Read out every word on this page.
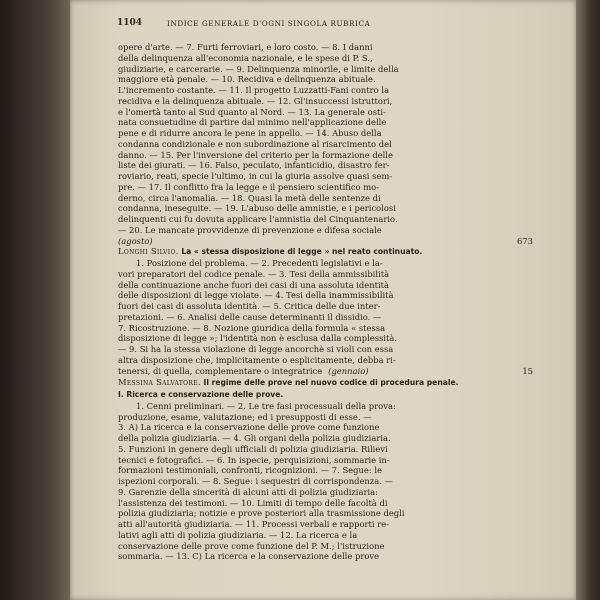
1104	INDICE GENERALE D'OGNI SINGOLA RUBRICA

opere d'arte. — 7. Furti ferroviari, e loro costo. — 8. I danni

della delinquenza all'economia nazionale, e le spese di P. S.,

giudiziarie, e carcerarie. — 9. Delinquenza minorile, e limite della

maggiore età penale. — 10. Recidiva e delinquenza abituale.

L'incremento costante. — 11. Il progetto Luzzatti-Fani contro la

recidiva e la delinquenza abituale. — 12. Gl'insuccessi istruttori,

e l'omertà tanto al Sud quanto al Nord. — 13. La generale osti-

nata consuetudine di partire dal minimo nell'applicazione delle

pene e di ridurre ancora le pene in appello. — 14. Abuso della

condanna condizionale e non subordinazione al risarcimento del

danno. — 15. Per l'inversione del criterio per la formazione delle

liste dei giurati. — 16. Falso, peculato, infanticidio, disastro fer-

roviario, reati, specie l'ultimo, in cui la giuria assolve quasi sem-

pre. — 17. Il conflitto fra la legge e il pensiero scientifico mo-

derno, circa l'anomalia. — 18. Quasi la metà delle sentenze di

condanna, ineseguite. — 19. L'abuso delle amnistie, e i pericolosi

delinquenti cui fu dovuta applicare l'amnistia del Cinquantenario.

— 20. Le mancate provvidenze di prevenzione e difesa sociale

(agosto)	673
Longhi Silvio. La « stessa disposizione di legge » nel reato continuato.

1. Posizione del problema. — 2. Precedenti legislativi e la-

vori preparatori del codice penale. — 3. Tesi della ammissibilità

della continuazione anche fuori dei casi di una assoluta identità

delle disposizioni di legge violate. — 4. Tesi della inammissibilità

fuori dei casi di assoluta identità. — 5. Critica delle due inter-

pretazioni. — 6. Analisi delle cause determinanti il dissidio. —

7. Ricostruzione. — 8. Nozione giuridica della formula « stessa

disposizione di legge »; l'identità non è esclusa dalla complessità.

— 9. Si ha la stessa violazione di legge ancorchè si violi con essa

altra disposizione che, implicitamente o esplicitamente, debba ri-

tenersi, di quella, complementare o integratrice (gennaio)	15

Messina Salvatore. Il regime delle prove nel nuovo codice di procedura penale.
I. Ricerca e conservazione delle prove.

1. Cenni preliminari. — 2. Le tre fasi processuali della prova:

produzione, esame, valutazione; ed i presupposti di esse. —

3. A) La ricerca e la conservazione delle prove come funzione

della polizia giudiziaria. — 4. Gli organi della polizia giudiziaria.

5. Funzioni in genere degli ufficiali di polizia giudiziaria. Rilievi

tecnici e fotografici. — 6. In ispecie, perquisizioni, sommarie in-

formazioni testimoniali, confronti, ricognizioni. — 7. Segue: le

ispezioni corporali. — 8. Segue: i sequestri di corrispondenza. —

9. Garenzie della sincerità di alcuni atti di polizia giudiziaria:

l'assistenza dei testimoni. — 10. Limiti di tempo delle facoltà di

polizia giudiziaria; notizie e prove posteriori alla trasmissione degli

atti all'autorità giudiziaria. — 11. Processi verbali e rapporti re-

lativi agli atti di polizia giudiziaria. — 12. La ricerca e la

conservazione delle prove come funzione del P. M.; l'istruzione

sommaria. — 13. C) La ricerca e la conservazione delle prove
